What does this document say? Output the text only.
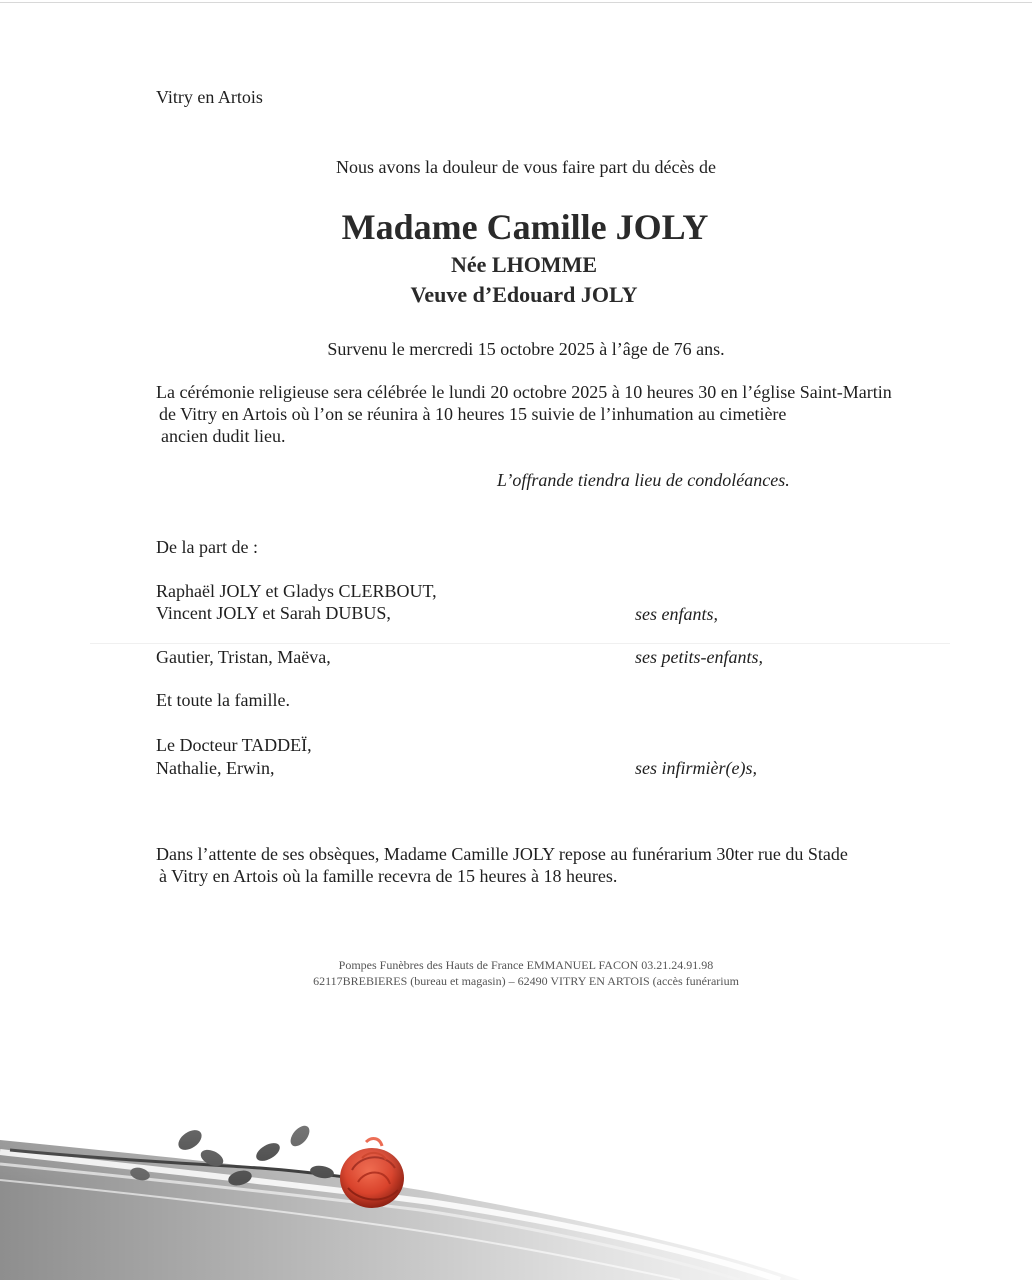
Vitry en Artois

Nous avons la douleur de vous faire part du décès de

Madame Camille JOLY

Née LHOMME

Veuve d’Edouard JOLY

Survenu le mercredi 15 octobre 2025 à l’âge de 76 ans.

La cérémonie religieuse sera célébrée le lundi 20 octobre 2025 à 10 heures 30 en l’église Saint-Martin

de Vitry en Artois où l’on se réunira à 10 heures 15 suivie de l’inhumation au cimetière

ancien dudit lieu.

L’offrande tiendra lieu de condoléances.

De la part de :

Raphaël JOLY et Gladys CLERBOUT,

Vincent JOLY et Sarah DUBUS,	ses enfants,

Gautier, Tristan, Maëva,	ses petits-enfants,

Et toute la famille.

Le Docteur TADDEÏ,

Nathalie, Erwin,	ses infirmièr(e)s,

Dans l’attente de ses obsèques, Madame Camille JOLY repose au funérarium 30ter rue du Stade

à Vitry en Artois où la famille recevra de 15 heures à 18 heures.

Pompes Funèbres des Hauts de France EMMANUEL FACON 03.21.24.91.98

62117BREBIERES (bureau et magasin) – 62490 VITRY EN ARTOIS (accès funérarium
